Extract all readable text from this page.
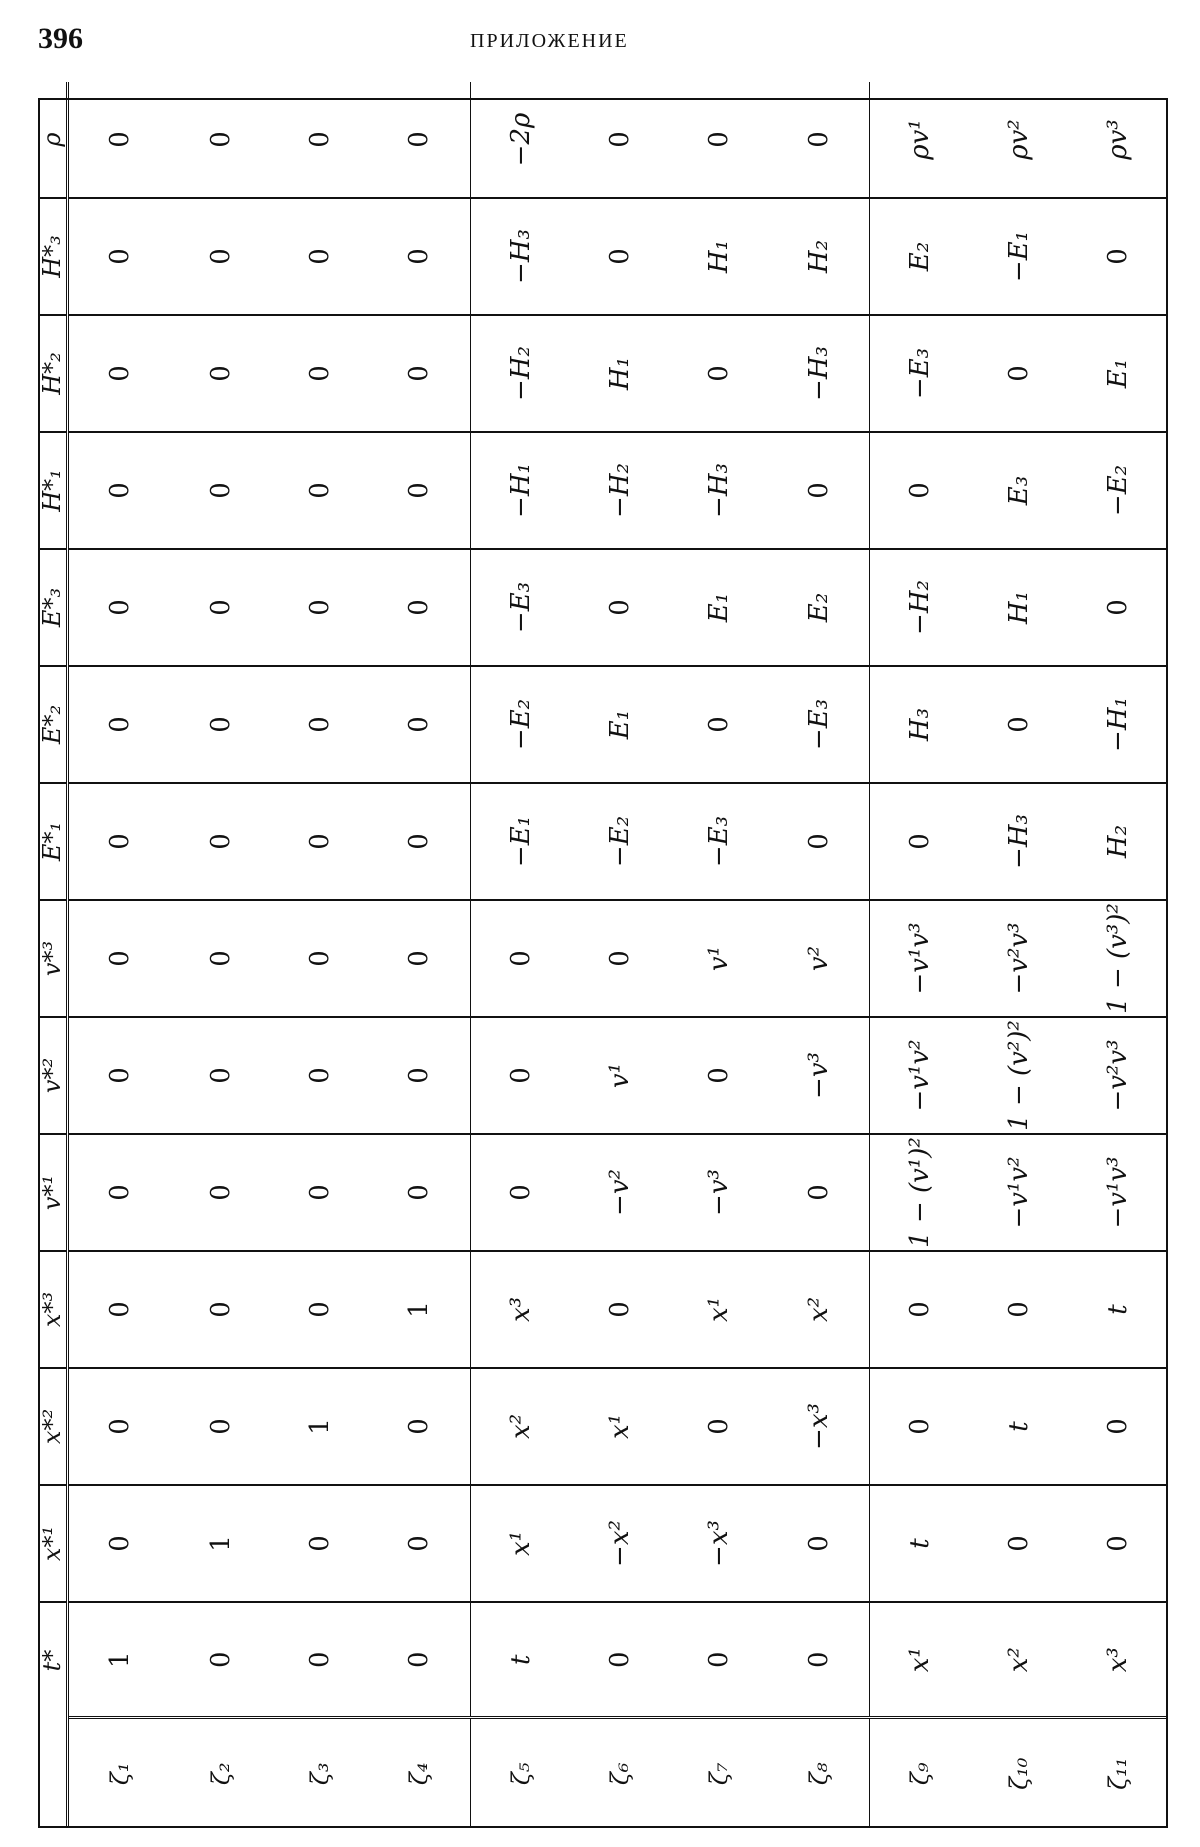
396	ПРИЛОЖЕНИЕ
	t*	x*¹	x*²	x*³	v*¹	v*²	v*³	E*₁	E*₂	E*₃	H*₁	H*₂	H*₃	ρ
ζ₁	1	0	0	0	0	0	0	0	0	0	0	0	0	0
ζ₂	0	1	0	0	0	0	0	0	0	0	0	0	0	0
ζ₃	0	0	1	0	0	0	0	0	0	0	0	0	0	0
ζ₄	0	0	0	1	0	0	0	0	0	0	0	0	0	0
ζ₅	t	x¹	x²	x³	0	0	0	−E₁	−E₂	−E₃	−H₁	−H₂	−H₃	−2ρ
ζ₆	0	−x²	x¹	0	−v²	v¹	0	−E₂	E₁	0	−H₂	H₁	0	0
ζ₇	0	−x³	0	x¹	−v³	0	v¹	−E₃	0	E₁	−H₃	0	H₁	0
ζ₈	0	0	−x³	x²	0	−v³	v²	0	−E₃	E₂	0	−H₃	H₂	0
ζ₉	x¹	t	0	0	1 − (v¹)²	−v¹v²	−v¹v³	0	H₃	−H₂	0	−E₃	E₂	ρv¹
ζ₁₀	x²	0	t	0	−v¹v²	1 − (v²)²	−v²v³	−H₃	0	H₁	E₃	0	−E₁	ρv²
ζ₁₁	x³	0	0	t	−v¹v³	−v²v³	1 − (v³)²	H₂	−H₁	0	−E₂	E₁	0	ρv³
